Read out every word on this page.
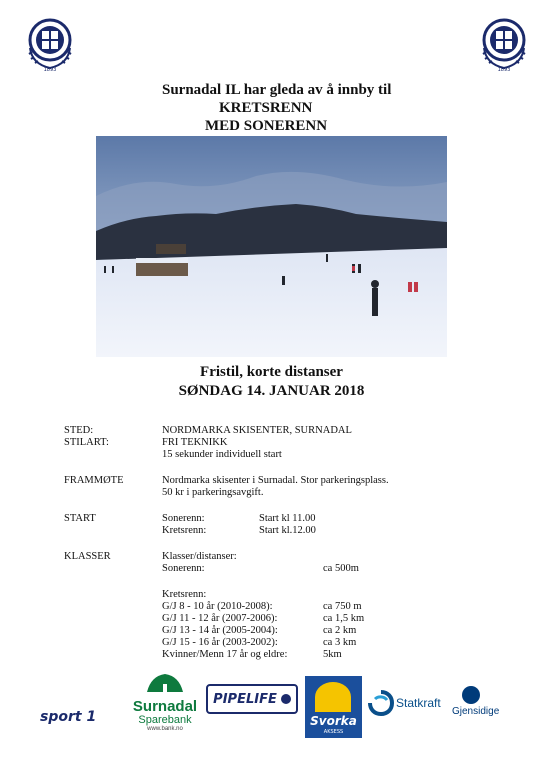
1893	1893
Surnadal IL har gleda av å innby til
KRETSRENN
MED SONERENN
Fristil, korte distanser
SØNDAG 14. JANUAR 2018
STED:	NORDMARKA SKISENTER, SURNADAL
STILART:	FRI TEKNIKK
15 sekunder individuell start
FRAMMØTE	Nordmarka skisenter i Surnadal. Stor parkeringsplass.
50 kr i parkeringsavgift.
START	Sonerenn:	Start kl 11.00
Kretsrenn:	Start kl.12.00
KLASSER	Klasser/distanser:
Sonerenn:	ca 500m
Kretsrenn:
G/J 8 - 10 år (2010-2008):	ca 750 m
G/J 11 - 12 år (2007-2006):	ca 1,5 km
G/J 13 - 14 år (2005-2004):	ca 2 km
G/J 15 - 16 år (2003-2002):	ca 3 km
Kvinner/Menn 17 år og eldre:	5km
sport 1
Surnadal
Sparebank
www.bank.no
PIPELIFE
Svorka
AKSESS
Statkraft
Gjensidige
